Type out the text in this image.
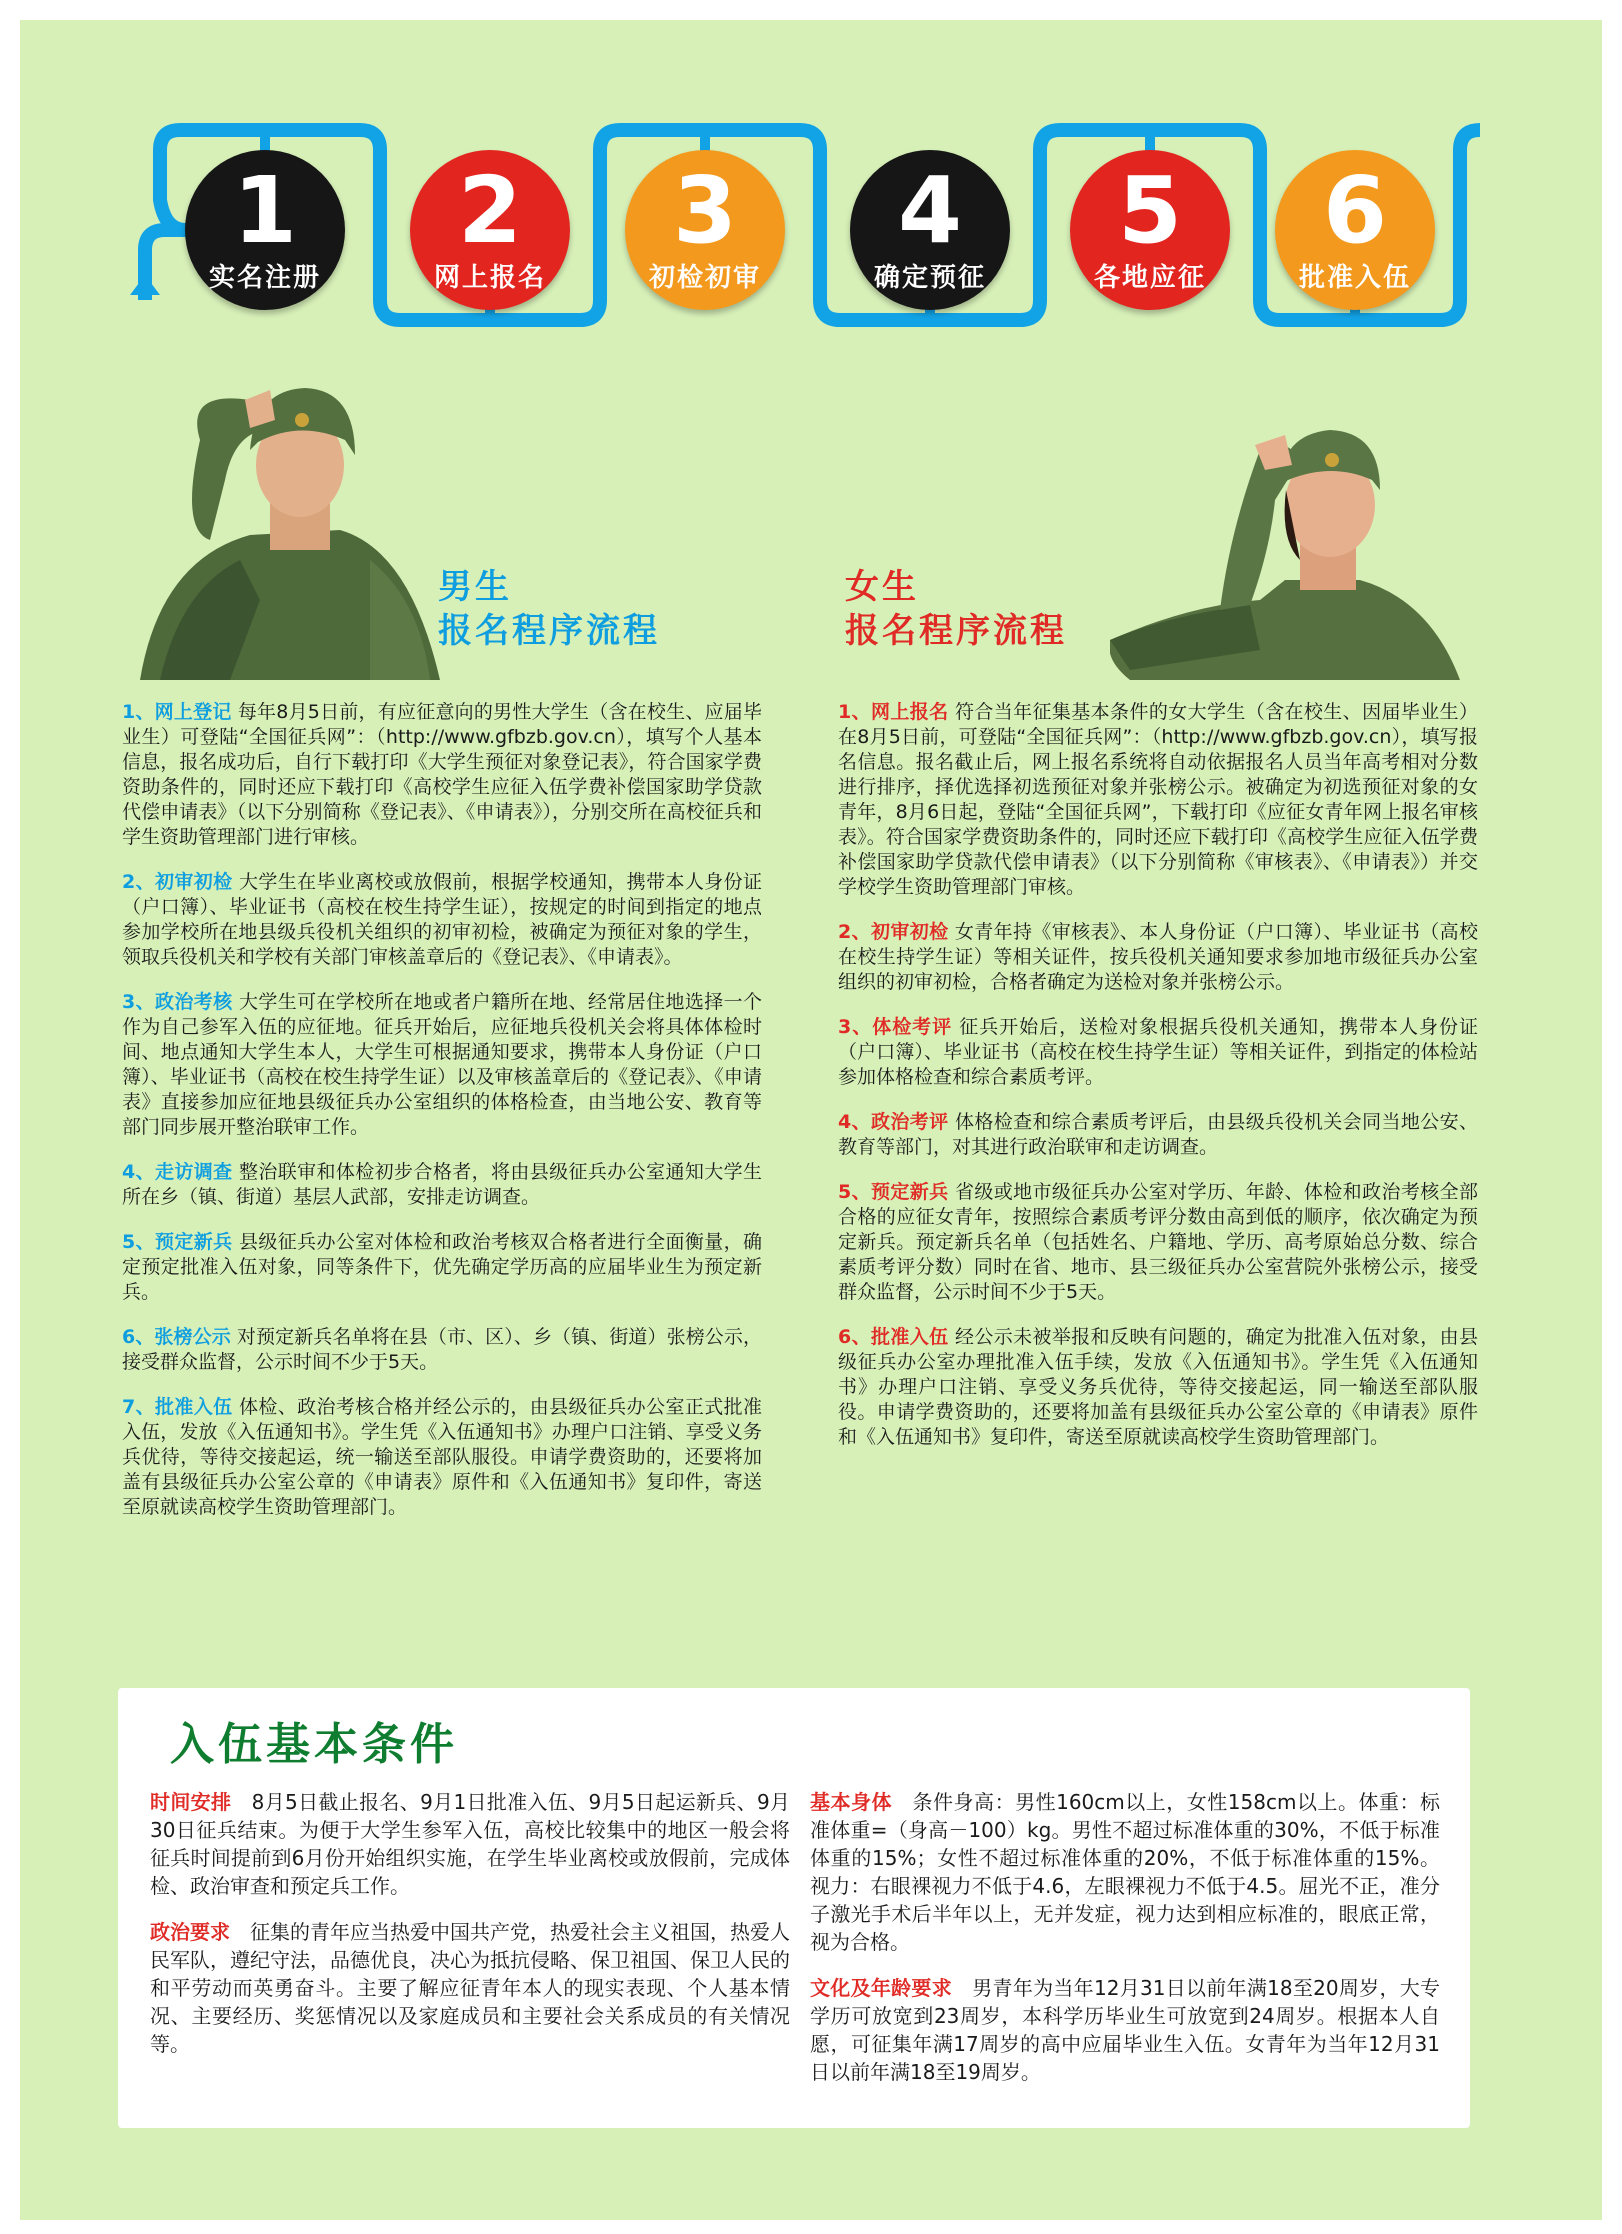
1
实名注册
2
网上报名
3
初检初审
4
确定预征
5
各地应征
6
批准入伍
男生
报名程序流程
女生
报名程序流程

1、网上登记 每年8月5日前，有应征意向的男性大学生（含在校生、应届毕业生）可登陆“全国征兵网”：（http://www.gfbzb.gov.cn），填写个人基本信息，报名成功后，自行下载打印《大学生预征对象登记表》，符合国家学费资助条件的，同时还应下载打印《高校学生应征入伍学费补偿国家助学贷款代偿申请表》（以下分别简称《登记表》、《申请表》），分别交所在高校征兵和学生资助管理部门进行审核。

2、初审初检 大学生在毕业离校或放假前，根据学校通知，携带本人身份证（户口簿）、毕业证书（高校在校生持学生证），按规定的时间到指定的地点参加学校所在地县级兵役机关组织的初审初检，被确定为预征对象的学生，领取兵役机关和学校有关部门审核盖章后的《登记表》、《申请表》。

3、政治考核 大学生可在学校所在地或者户籍所在地、经常居住地选择一个作为自己参军入伍的应征地。征兵开始后，应征地兵役机关会将具体体检时间、地点通知大学生本人，大学生可根据通知要求，携带本人身份证（户口簿）、毕业证书（高校在校生持学生证）以及审核盖章后的《登记表》、《申请表》直接参加应征地县级征兵办公室组织的体格检查，由当地公安、教育等部门同步展开整治联审工作。

4、走访调查 整治联审和体检初步合格者，将由县级征兵办公室通知大学生所在乡（镇、街道）基层人武部，安排走访调查。

5、预定新兵 县级征兵办公室对体检和政治考核双合格者进行全面衡量，确定预定批准入伍对象，同等条件下，优先确定学历高的应届毕业生为预定新兵。

6、张榜公示 对预定新兵名单将在县（市、区）、乡（镇、街道）张榜公示，接受群众监督，公示时间不少于5天。

7、批准入伍 体检、政治考核合格并经公示的，由县级征兵办公室正式批准入伍，发放《入伍通知书》。学生凭《入伍通知书》办理户口注销、享受义务兵优待，等待交接起运，统一输送至部队服役。申请学费资助的，还要将加盖有县级征兵办公室公章的《申请表》原件和《入伍通知书》复印件，寄送至原就读高校学生资助管理部门。

1、网上报名 符合当年征集基本条件的女大学生（含在校生、因届毕业生）在8月5日前，可登陆“全国征兵网”：（http://www.gfbzb.gov.cn），填写报名信息。报名截止后，网上报名系统将自动依据报名人员当年高考相对分数进行排序，择优选择初选预征对象并张榜公示。被确定为初选预征对象的女青年，8月6日起，登陆“全国征兵网”，下载打印《应征女青年网上报名审核表》。符合国家学费资助条件的，同时还应下载打印《高校学生应征入伍学费补偿国家助学贷款代偿申请表》（以下分别简称《审核表》、《申请表》）并交学校学生资助管理部门审核。

2、初审初检 女青年持《审核表》、本人身份证（户口簿）、毕业证书（高校在校生持学生证）等相关证件，按兵役机关通知要求参加地市级征兵办公室组织的初审初检，合格者确定为送检对象并张榜公示。

3、体检考评 征兵开始后，送检对象根据兵役机关通知，携带本人身份证（户口簿）、毕业证书（高校在校生持学生证）等相关证件，到指定的体检站参加体格检查和综合素质考评。

4、政治考评 体格检查和综合素质考评后，由县级兵役机关会同当地公安、教育等部门，对其进行政治联审和走访调查。

5、预定新兵 省级或地市级征兵办公室对学历、年龄、体检和政治考核全部合格的应征女青年，按照综合素质考评分数由高到低的顺序，依次确定为预定新兵。预定新兵名单（包括姓名、户籍地、学历、高考原始总分数、综合素质考评分数）同时在省、地市、县三级征兵办公室营院外张榜公示，接受群众监督，公示时间不少于5天。

6、批准入伍 经公示未被举报和反映有问题的，确定为批准入伍对象，由县级征兵办公室办理批准入伍手续，发放《入伍通知书》。学生凭《入伍通知书》办理户口注销、享受义务兵优待，等待交接起运，同一输送至部队服役。申请学费资助的，还要将加盖有县级征兵办公室公章的《申请表》原件和《入伍通知书》复印件，寄送至原就读高校学生资助管理部门。

入伍基本条件

时间安排　8月5日截止报名、9月1日批准入伍、9月5日起运新兵、9月30日征兵结束。为便于大学生参军入伍，高校比较集中的地区一般会将征兵时间提前到6月份开始组织实施，在学生毕业离校或放假前，完成体检、政治审查和预定兵工作。

政治要求　征集的青年应当热爱中国共产党，热爱社会主义祖国，热爱人民军队，遵纪守法，品德优良，决心为抵抗侵略、保卫祖国、保卫人民的和平劳动而英勇奋斗。主要了解应征青年本人的现实表现、个人基本情况、主要经历、奖惩情况以及家庭成员和主要社会关系成员的有关情况等。

基本身体　条件身高：男性160cm以上，女性158cm以上。体重：标准体重=（身高－100）kg。男性不超过标准体重的30%，不低于标准体重的15%；女性不超过标准体重的20%，不低于标准体重的15%。视力：右眼裸视力不低于4.6，左眼裸视力不低于4.5。屈光不正，准分子激光手术后半年以上，无并发症，视力达到相应标准的，眼底正常，视为合格。

文化及年龄要求　男青年为当年12月31日以前年满18至20周岁，大专学历可放宽到23周岁，本科学历毕业生可放宽到24周岁。根据本人自愿，可征集年满17周岁的高中应届毕业生入伍。女青年为当年12月31日以前年满18至19周岁。
